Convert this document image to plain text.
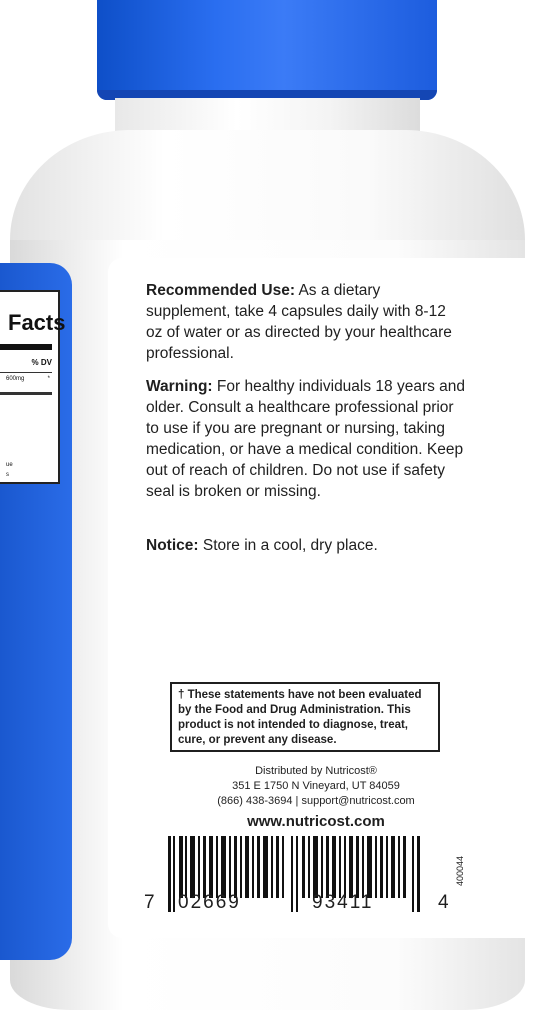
Facts
% DV
600mg	*
ue
s
Recommended Use: As a dietary supplement, take 4 capsules daily with 8-12 oz of water or as directed by your healthcare professional.
Warning: For healthy individuals 18 years and older. Consult a healthcare professional prior to use if you are pregnant or nursing, taking medication, or have a medical condition. Keep out of reach of children. Do not use if safety seal is broken or missing.
Notice: Store in a cool, dry place.
† These statements have not been evaluated by the Food and Drug Administration. This product is not intended to diagnose, treat, cure, or prevent any disease.
Distributed by Nutricost®
351 E 1750 N Vineyard, UT 84059
(866) 438-3694 | support@nutricost.com
www.nutricost.com
7 02669	93411	4
400044
